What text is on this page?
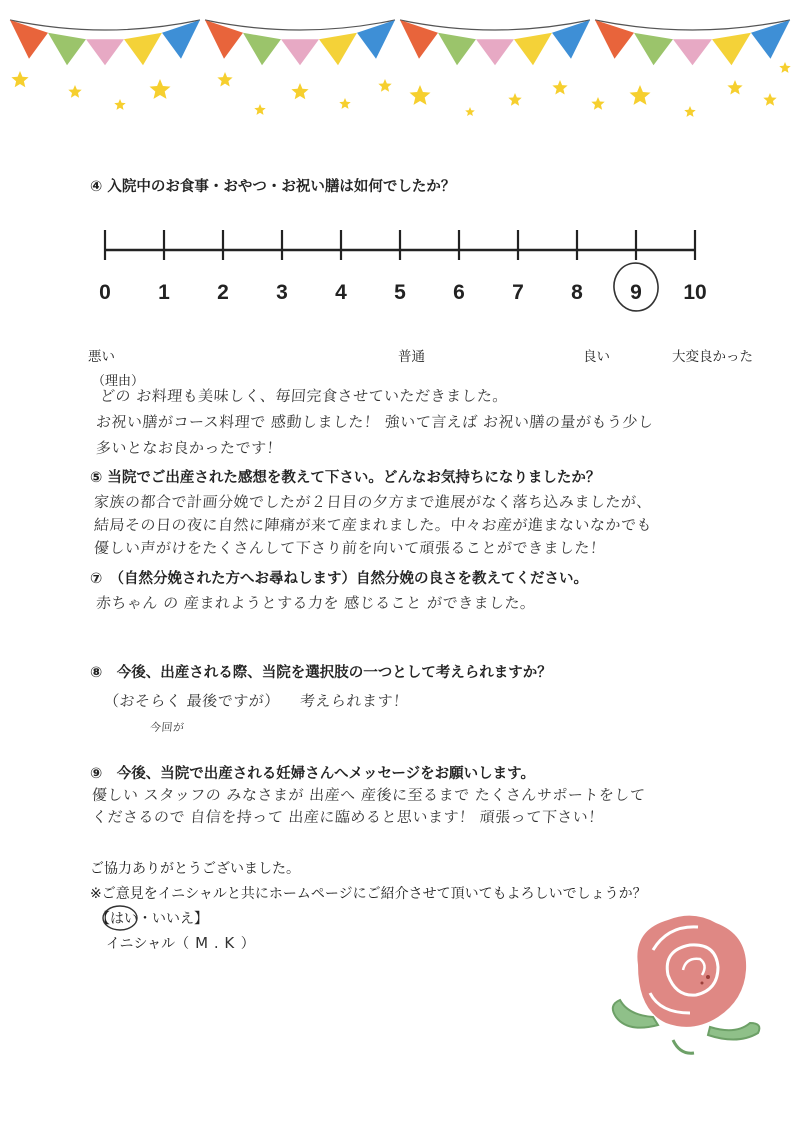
④ 入院中のお食事・おやつ・お祝い膳は如何でしたか？
0 1 2 3 4 5 6 7 8 9 10
悪い	普通	良い	大変良かった
（理由）
どの お料理も美味しく、毎回完食させていただきました。
お祝い膳がコース料理で 感動しました！ 強いて言えば お祝い膳の量がもう少し
多いとなお良かったです！
⑤ 当院でご出産された感想を教えて下さい。どんなお気持ちになりましたか？
家族の都合で計画分娩でしたが２日目の夕方まで進展がなく落ち込みましたが、
結局その日の夜に自然に陣痛が来て産まれました。中々お産が進まないなかでも
優しい声がけをたくさんして下さり前を向いて頑張ることができました！
⑦　（自然分娩された方へお尋ねします）自然分娩の良さを教えてください。
赤ちゃん の 産まれようとする力を 感じること ができました。
⑧　今後、出産される際、当院を選択肢の一つとして考えられますか？
（おそらく 最後ですが）
今回が
考えられます！
⑨　今後、当院で出産される妊婦さんへメッセージをお願いします。
優しい スタッフの みなさまが 出産へ 産後に至るまで たくさんサポートをして
くださるので 自信を持って 出産に臨めると思います！ 頑張って下さい！
ご協力ありがとうございました。
※ご意見をイニシャルと共にホームページにご紹介させて頂いてもよろしいでしょうか？
【はい・いいえ】
イニシャル（ M . K ）
